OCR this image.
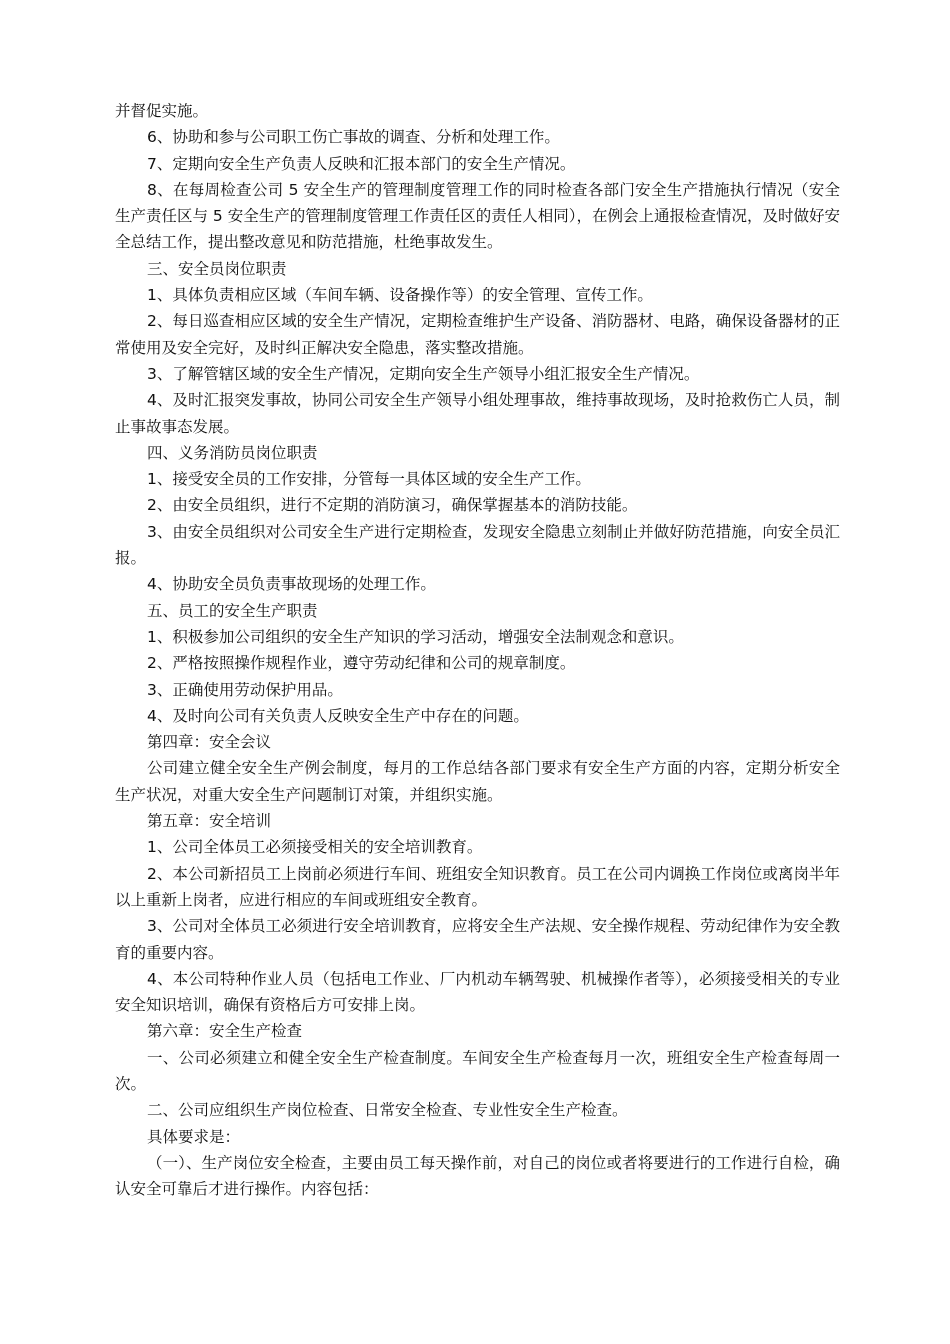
并督促实施。

6、协助和参与公司职工伤亡事故的调查、分析和处理工作。

7、定期向安全生产负责人反映和汇报本部门的安全生产情况。

8、在每周检查公司 5 安全生产的管理制度管理工作的同时检查各部门安全生产措施执行情况（安全生产责任区与 5 安全生产的管理制度管理工作责任区的责任人相同），在例会上通报检查情况，及时做好安全总结工作，提出整改意见和防范措施，杜绝事故发生。

三、安全员岗位职责

1、具体负责相应区域（车间车辆、设备操作等）的安全管理、宣传工作。

2、每日巡查相应区域的安全生产情况，定期检查维护生产设备、消防器材、电路，确保设备器材的正常使用及安全完好，及时纠正解决安全隐患，落实整改措施。

3、了解管辖区域的安全生产情况，定期向安全生产领导小组汇报安全生产情况。

4、及时汇报突发事故，协同公司安全生产领导小组处理事故，维持事故现场，及时抢救伤亡人员，制止事故事态发展。

四、义务消防员岗位职责

1、接受安全员的工作安排，分管每一具体区域的安全生产工作。

2、由安全员组织，进行不定期的消防演习，确保掌握基本的消防技能。

3、由安全员组织对公司安全生产进行定期检查，发现安全隐患立刻制止并做好防范措施，向安全员汇报。

4、协助安全员负责事故现场的处理工作。

五、员工的安全生产职责

1、积极参加公司组织的安全生产知识的学习活动，增强安全法制观念和意识。

2、严格按照操作规程作业，遵守劳动纪律和公司的规章制度。

3、正确使用劳动保护用品。

4、及时向公司有关负责人反映安全生产中存在的问题。

第四章：安全会议

公司建立健全安全生产例会制度，每月的工作总结各部门要求有安全生产方面的内容，定期分析安全生产状况，对重大安全生产问题制订对策，并组织实施。

第五章：安全培训

1、公司全体员工必须接受相关的安全培训教育。

2、本公司新招员工上岗前必须进行车间、班组安全知识教育。员工在公司内调换工作岗位或离岗半年以上重新上岗者，应进行相应的车间或班组安全教育。

3、公司对全体员工必须进行安全培训教育，应将安全生产法规、安全操作规程、劳动纪律作为安全教育的重要内容。

4、本公司特种作业人员（包括电工作业、厂内机动车辆驾驶、机械操作者等），必须接受相关的专业安全知识培训，确保有资格后方可安排上岗。

第六章：安全生产检查

一、公司必须建立和健全安全生产检查制度。车间安全生产检查每月一次，班组安全生产检查每周一次。

二、公司应组织生产岗位检查、日常安全检查、专业性安全生产检查。

具体要求是：

（一）、生产岗位安全检查，主要由员工每天操作前，对自己的岗位或者将要进行的工作进行自检，确认安全可靠后才进行操作。内容包括：
